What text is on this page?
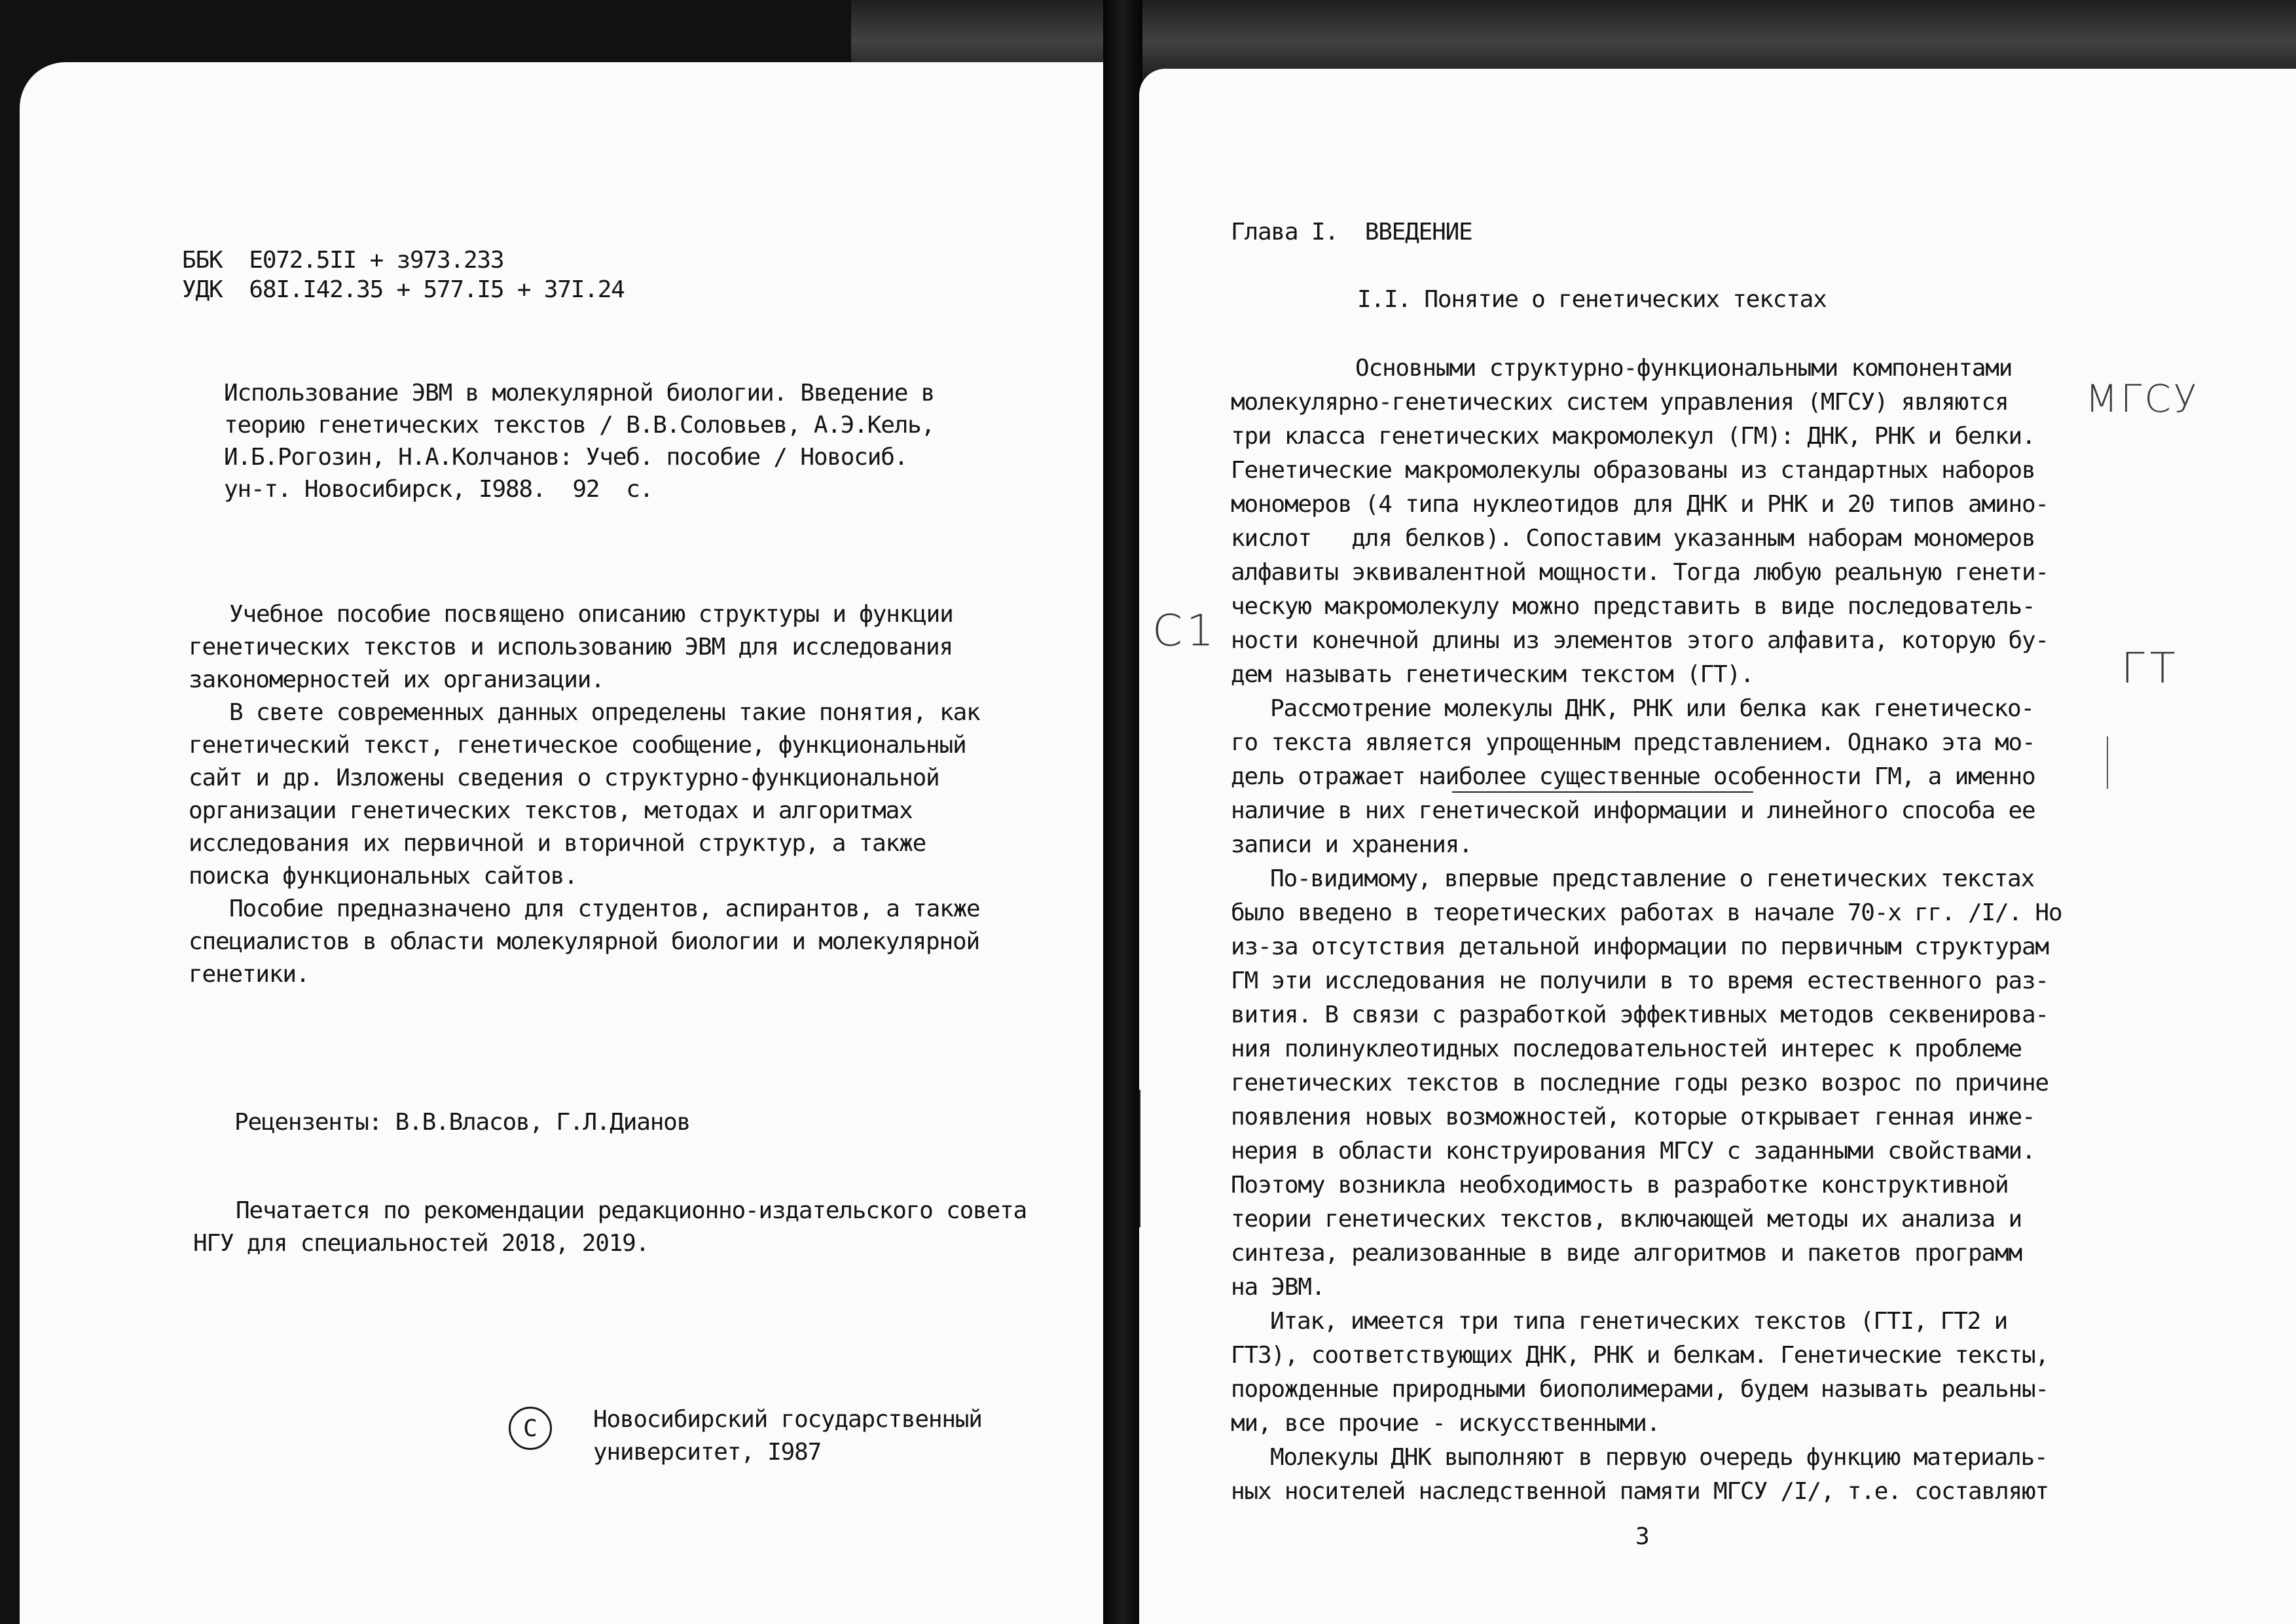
ББК  Е072.5II + з973.233
УДК  68I.I42.35 + 577.I5 + 37I.24
Использование ЭВМ в молекулярной биологии. Введение в
теорию генетических текстов / В.В.Соловьев, А.Э.Кель,
И.Б.Рогозин, Н.А.Колчанов: Учеб. пособие / Новосиб.
ун-т. Новосибирск, I988.  92  с.
Учебное пособие посвящено описанию структуры и функции
генетических текстов и использованию ЭВМ для исследования
закономерностей их организации.
В свете современных данных определены такие понятия, как
генетический текст, генетическое сообщение, функциональный
сайт и др. Изложены сведения о структурно-функциональной
организации генетических текстов, методах и алгоритмах
исследования их первичной и вторичной структур, а также
поиска функциональных сайтов.
Пособие предназначено для студентов, аспирантов, а также
специалистов в области молекулярной биологии и молекулярной
генетики.
Рецензенты: В.В.Власов, Г.Л.Дианов
Печатается по рекомендации редакционно-издательского совета
НГУ для специальностей 2018, 2019.
С Новосибирский государственный
университет, I987
Глава I.  ВВЕДЕНИЕ
I.I. Понятие о генетических текстах
Основными структурно-функциональными компонентами
молекулярно-генетических систем управления (МГСУ) являются
три класса генетических макромолекул (ГМ): ДНК, РНК и белки.
Генетические макромолекулы образованы из стандартных наборов
мономеров (4 типа нуклеотидов для ДНК и РНК и 20 типов амино-
кислот   для белков). Сопоставим указанным наборам мономеров
алфавиты эквивалентной мощности. Тогда любую реальную генети-
ческую макромолекулу можно представить в виде последователь-
ности конечной длины из элементов этого алфавита, которую бу-
дем называть генетическим текстом (ГТ).
Рассмотрение молекулы ДНК, РНК или белка как генетическо-
го текста является упрощенным представлением. Однако эта мо-
дель отражает наиболее существенные особенности ГМ, а именно
наличие в них генетической информации и линейного способа ее
записи и хранения.
По-видимому, впервые представление о генетических текстах
было введено в теоретических работах в начале 70-х гг. /I/. Но
из-за отсутствия детальной информации по первичным структурам
ГМ эти исследования не получили в то время естественного раз-
вития. В связи с разработкой эффективных методов секвенирова-
ния полинуклеотидных последовательностей интерес к проблеме
генетических текстов в последние годы резко возрос по причине
появления новых возможностей, которые открывает генная инже-
нерия в области конструирования МГСУ с заданными свойствами.
Поэтому возникла необходимость в разработке конструктивной
теории генетических текстов, включающей методы их анализа и
синтеза, реализованные в виде алгоритмов и пакетов программ
на ЭВМ.
Итак, имеется три типа генетических текстов (ГТI, ГТ2 и
ГТ3), соответствующих ДНК, РНК и белкам. Генетические тексты,
порожденные природными биополимерами, будем называть реальны-
ми, все прочие - искусственными.
Молекулы ДНК выполняют в первую очередь функцию материаль-
ных носителей наследственной памяти МГСУ /I/, т.е. составляют
3
МГСУ
ГТ
С1
